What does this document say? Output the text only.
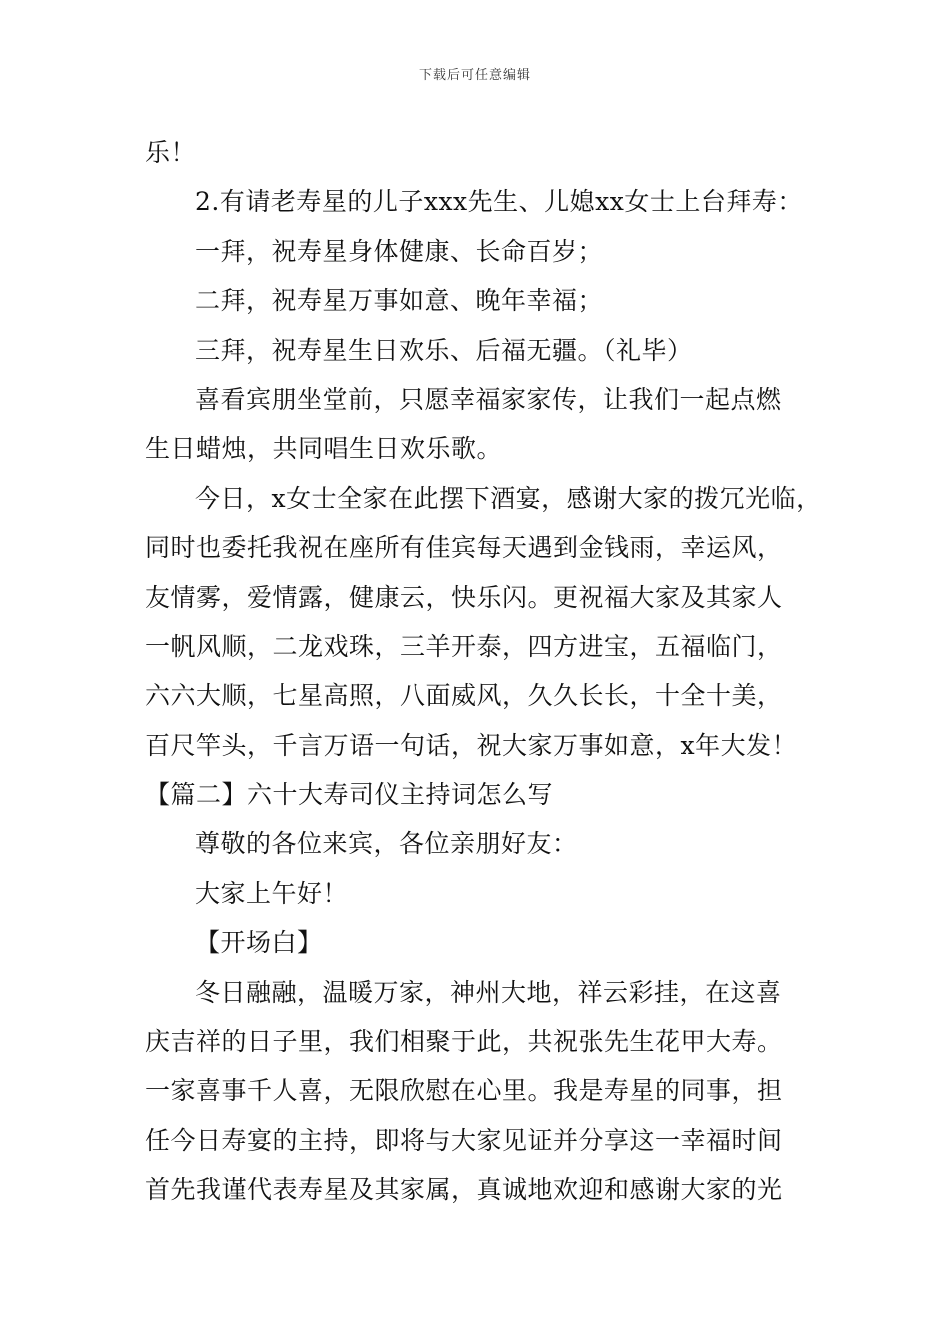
下载后可任意编辑
乐！
2.有请老寿星的儿子xxx先生、儿媳xx女士上台拜寿：
一拜，祝寿星身体健康、长命百岁；
二拜，祝寿星万事如意、晚年幸福；
三拜，祝寿星生日欢乐、后福无疆。（礼毕）
喜看宾朋坐堂前，只愿幸福家家传，让我们一起点燃
生日蜡烛，共同唱生日欢乐歌。
今日，x女士全家在此摆下酒宴，感谢大家的拨冗光临，
同时也委托我祝在座所有佳宾每天遇到金钱雨，幸运风，
友情雾，爱情露，健康云，快乐闪。更祝福大家及其家人
一帆风顺，二龙戏珠，三羊开泰，四方进宝，五福临门，
六六大顺，七星高照，八面威风，久久长长，十全十美，
百尺竿头，千言万语一句话，祝大家万事如意，x年大发！
【篇二】六十大寿司仪主持词怎么写
尊敬的各位来宾，各位亲朋好友：
大家上午好！
【开场白】
冬日融融，温暖万家，神州大地，祥云彩挂，在这喜
庆吉祥的日子里，我们相聚于此，共祝张先生花甲大寿。
一家喜事千人喜，无限欣慰在心里。我是寿星的同事，担
任今日寿宴的主持，即将与大家见证并分享这一幸福时间
首先我谨代表寿星及其家属，真诚地欢迎和感谢大家的光
